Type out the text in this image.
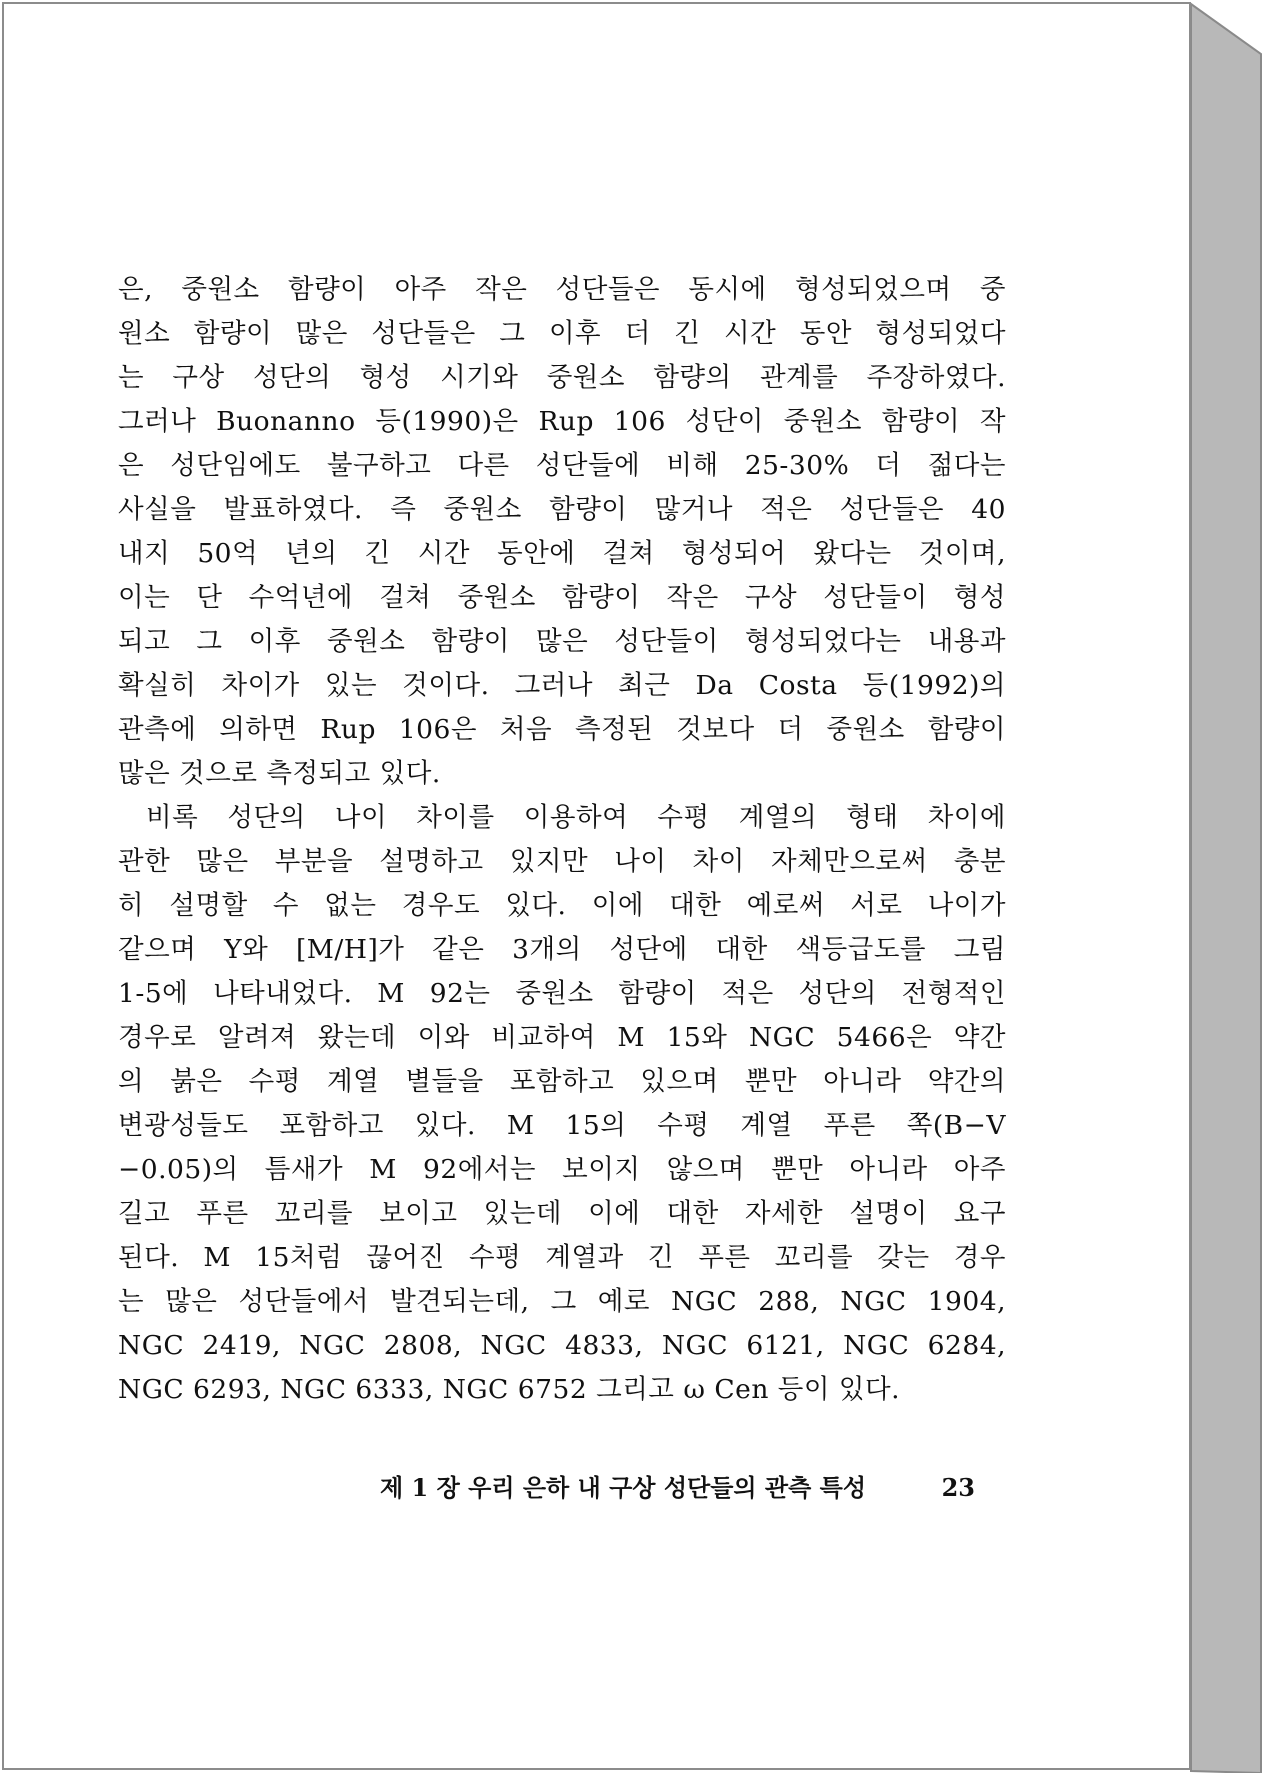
은, 중원소 함량이 아주 작은 성단들은 동시에 형성되었으며 중
원소 함량이 많은 성단들은 그 이후 더 긴 시간 동안 형성되었다
는 구상 성단의 형성 시기와 중원소 함량의 관계를 주장하였다.
그러나 Buonanno 등(1990)은 Rup 106 성단이 중원소 함량이 작
은 성단임에도 불구하고 다른 성단들에 비해 25-30% 더 젊다는
사실을 발표하였다. 즉 중원소 함량이 많거나 적은 성단들은 40
내지 50억 년의 긴 시간 동안에 걸쳐 형성되어 왔다는 것이며,
이는 단 수억년에 걸쳐 중원소 함량이 작은 구상 성단들이 형성
되고 그 이후 중원소 함량이 많은 성단들이 형성되었다는 내용과
확실히 차이가 있는 것이다. 그러나 최근 Da Costa 등(1992)의
관측에 의하면 Rup 106은 처음 측정된 것보다 더 중원소 함량이
많은 것으로 측정되고 있다.
비록 성단의 나이 차이를 이용하여 수평 계열의 형태 차이에
관한 많은 부분을 설명하고 있지만 나이 차이 자체만으로써 충분
히 설명할 수 없는 경우도 있다. 이에 대한 예로써 서로 나이가
같으며 Y와 [M/H]가 같은 3개의 성단에 대한 색등급도를 그림
1-5에 나타내었다. M 92는 중원소 함량이 적은 성단의 전형적인
경우로 알려져 왔는데 이와 비교하여 M 15와 NGC 5466은 약간
의 붉은 수평 계열 별들을 포함하고 있으며 뿐만 아니라 약간의
변광성들도 포함하고 있다. M 15의 수평 계열 푸른 쪽(B−V
−0.05)의 틈새가 M 92에서는 보이지 않으며 뿐만 아니라 아주
길고 푸른 꼬리를 보이고 있는데 이에 대한 자세한 설명이 요구
된다. M 15처럼 끊어진 수평 계열과 긴 푸른 꼬리를 갖는 경우
는 많은 성단들에서 발견되는데, 그 예로 NGC 288, NGC 1904,
NGC 2419, NGC 2808, NGC 4833, NGC 6121, NGC 6284,
NGC 6293, NGC 6333, NGC 6752 그리고 ω Cen 등이 있다.
제 1 장 우리 은하 내 구상 성단들의 관측 특성	23
